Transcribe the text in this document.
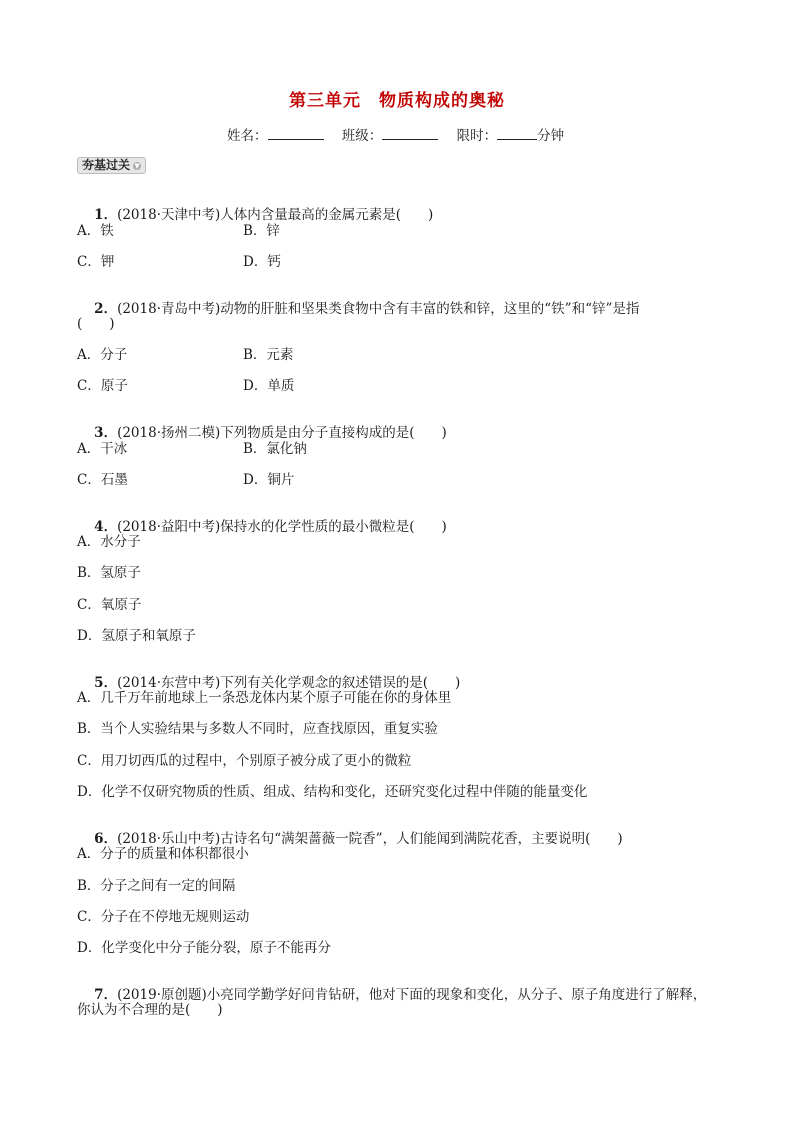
第三单元　物质构成的奥秘
姓名：	班级：	限时：	分钟
夯基过关 ▼

1．(2018·天津中考)人体内含量最高的金属元素是(　　)

A．铁	B．锌
C．钾	D．钙

2．(2018·青岛中考)动物的肝脏和坚果类食物中含有丰富的铁和锌，这里的“铁”和“锌”是指

(　　)
A．分子	B．元素
C．原子	D．单质

3．(2018·扬州二模)下列物质是由分子直接构成的是(　　)

A．干冰	B．氯化钠
C．石墨	D．铜片

4．(2018·益阳中考)保持水的化学性质的最小微粒是(　　)

A．水分子
B．氢原子
C．氧原子
D．氢原子和氧原子

5．(2014·东营中考)下列有关化学观念的叙述错误的是(　　)

A．几千万年前地球上一条恐龙体内某个原子可能在你的身体里
B．当个人实验结果与多数人不同时，应查找原因，重复实验
C．用刀切西瓜的过程中，个别原子被分成了更小的微粒
D．化学不仅研究物质的性质、组成、结构和变化，还研究变化过程中伴随的能量变化

6．(2018·乐山中考)古诗名句“满架蔷薇一院香”，人们能闻到满院花香，主要说明(　　)

A．分子的质量和体积都很小
B．分子之间有一定的间隔
C．分子在不停地无规则运动
D．化学变化中分子能分裂，原子不能再分

7．(2019·原创题)小亮同学勤学好问肯钻研，他对下面的现象和变化，从分子、原子角度进行了解释，

你认为不合理的是(　　)
